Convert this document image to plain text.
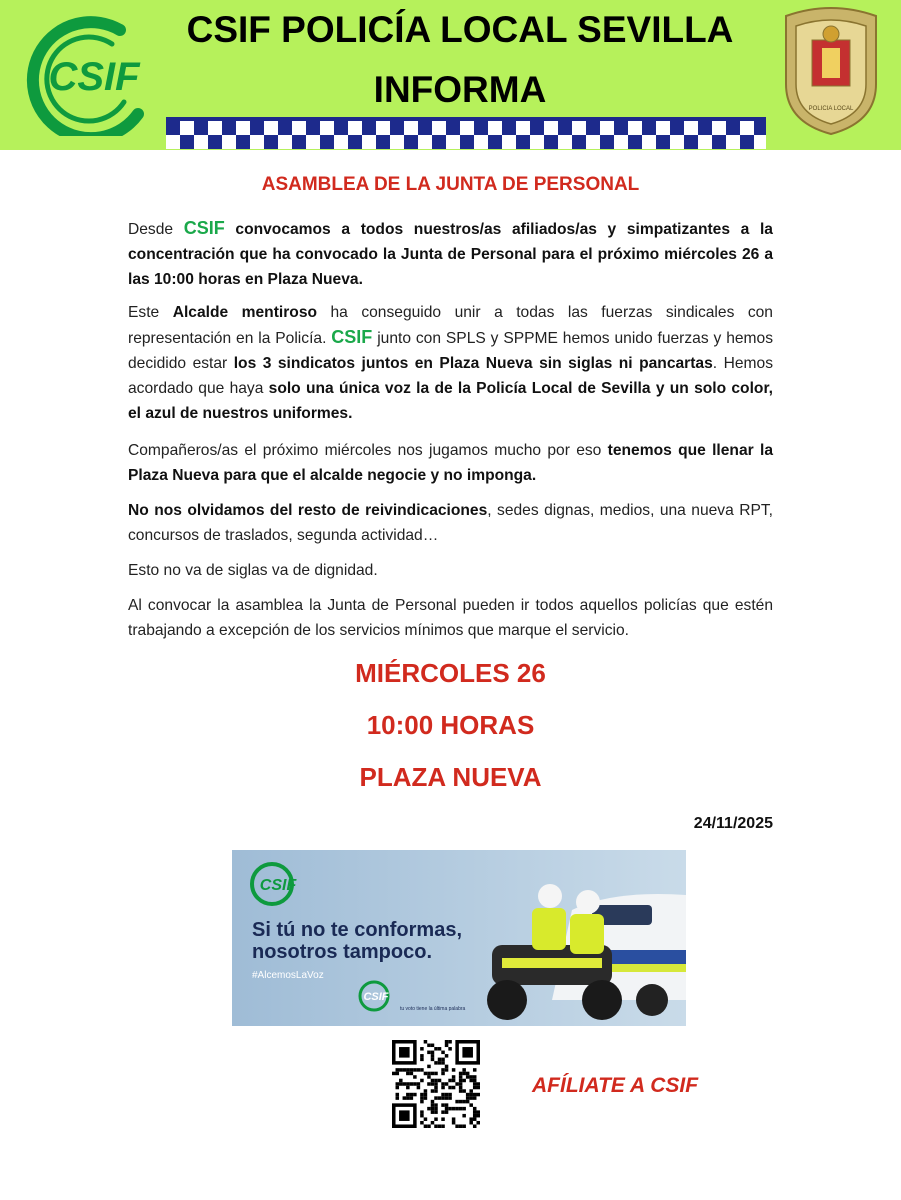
CSIF
CSIF POLICÍA LOCAL SEVILLA
INFORMA	POLICIA LOCAL
ASAMBLEA DE LA JUNTA DE PERSONAL
Desde CSIF convocamos a todos nuestros/as afiliados/as y simpatizantes a la concentración que ha convocado la Junta de Personal para el próximo miércoles 26 a las 10:00 horas en Plaza Nueva.
Este Alcalde mentiroso ha conseguido unir a todas las fuerzas sindicales con representación en la Policía. CSIF junto con SPLS y SPPME hemos unido fuerzas y hemos decidido estar los 3 sindicatos juntos en Plaza Nueva sin siglas ni pancartas. Hemos acordado que haya solo una única voz la de la Policía Local de Sevilla y un solo color, el azul de nuestros uniformes.
Compañeros/as el próximo miércoles nos jugamos mucho por eso tenemos que llenar la Plaza Nueva para que el alcalde negocie y no imponga.
No nos olvidamos del resto de reivindicaciones, sedes dignas, medios, una nueva RPT, concursos de traslados, segunda actividad…
Esto no va de siglas va de dignidad.
Al convocar la asamblea la Junta de Personal pueden ir todos aquellos policías que estén trabajando a excepción de los servicios mínimos que marque el servicio.
MIÉRCOLES 26
10:00 HORAS
PLAZA NUEVA
24/11/2025
CSIF
Si tú no te conformas,
nosotros tampoco.
#AlcemosLaVoz
CSIF
tu voto tiene la última palabra
AFÍLIATE A CSIF
